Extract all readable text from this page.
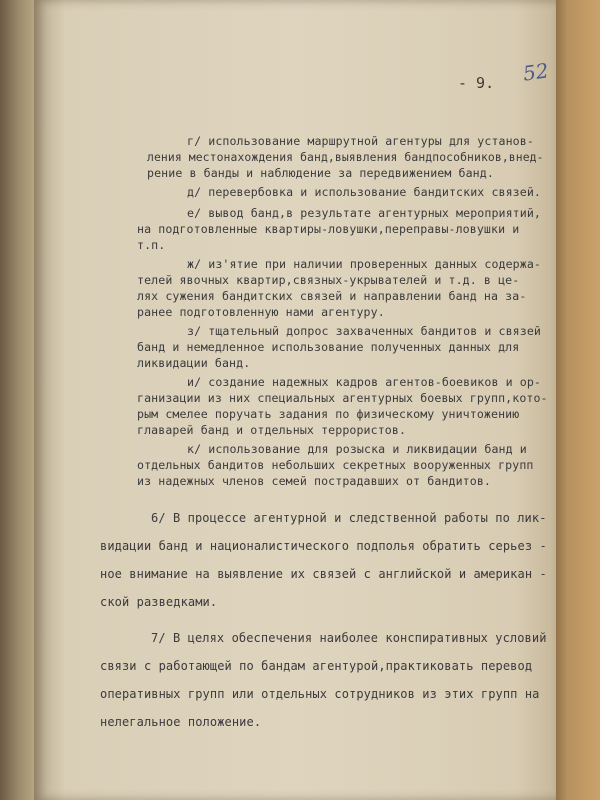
- 9. 52
г/ использование маршрутной агентуры для установ-
ления местонахождения банд,выявления бандпособников,внед-
рение в банды и наблюдение за передвижением банд.
д/ перевербовка и использование бандитских связей.
е/ вывод банд,в результате агентурных мероприятий,
на подготовленные квартиры-ловушки,переправы-ловушки и
т.п.
ж/ из'ятие при наличии проверенных данных содержа-
телей явочных квартир,связных-укрывателей и т.д. в це-
лях сужения бандитских связей и направлении банд на за-
ранее подготовленную нами агентуру.
з/ тщательный допрос захваченных бандитов и связей
банд и немедленное использование полученных данных для
ликвидации банд.
и/ создание надежных кадров агентов-боевиков и ор-
ганизации из них специальных агентурных боевых групп,кото-
рым смелее поручать задания по физическому уничтожению
главарей банд и отдельных террористов.
к/ использование для розыска и ликвидации банд и
отдельных бандитов небольших секретных вооруженных групп
из надежных членов семей пострадавших от бандитов.
6/ В процессе агентурной и следственной работы по лик-
видации банд и националистического подполья обратить серьез -
ное внимание на выявление их связей с английской и американ -
ской разведками.
7/ В целях обеспечения наиболее конспиративных условий
связи с работающей по бандам агентурой,практиковать перевод
оперативных групп или отдельных сотрудников из этих групп на
нелегальное положение.
